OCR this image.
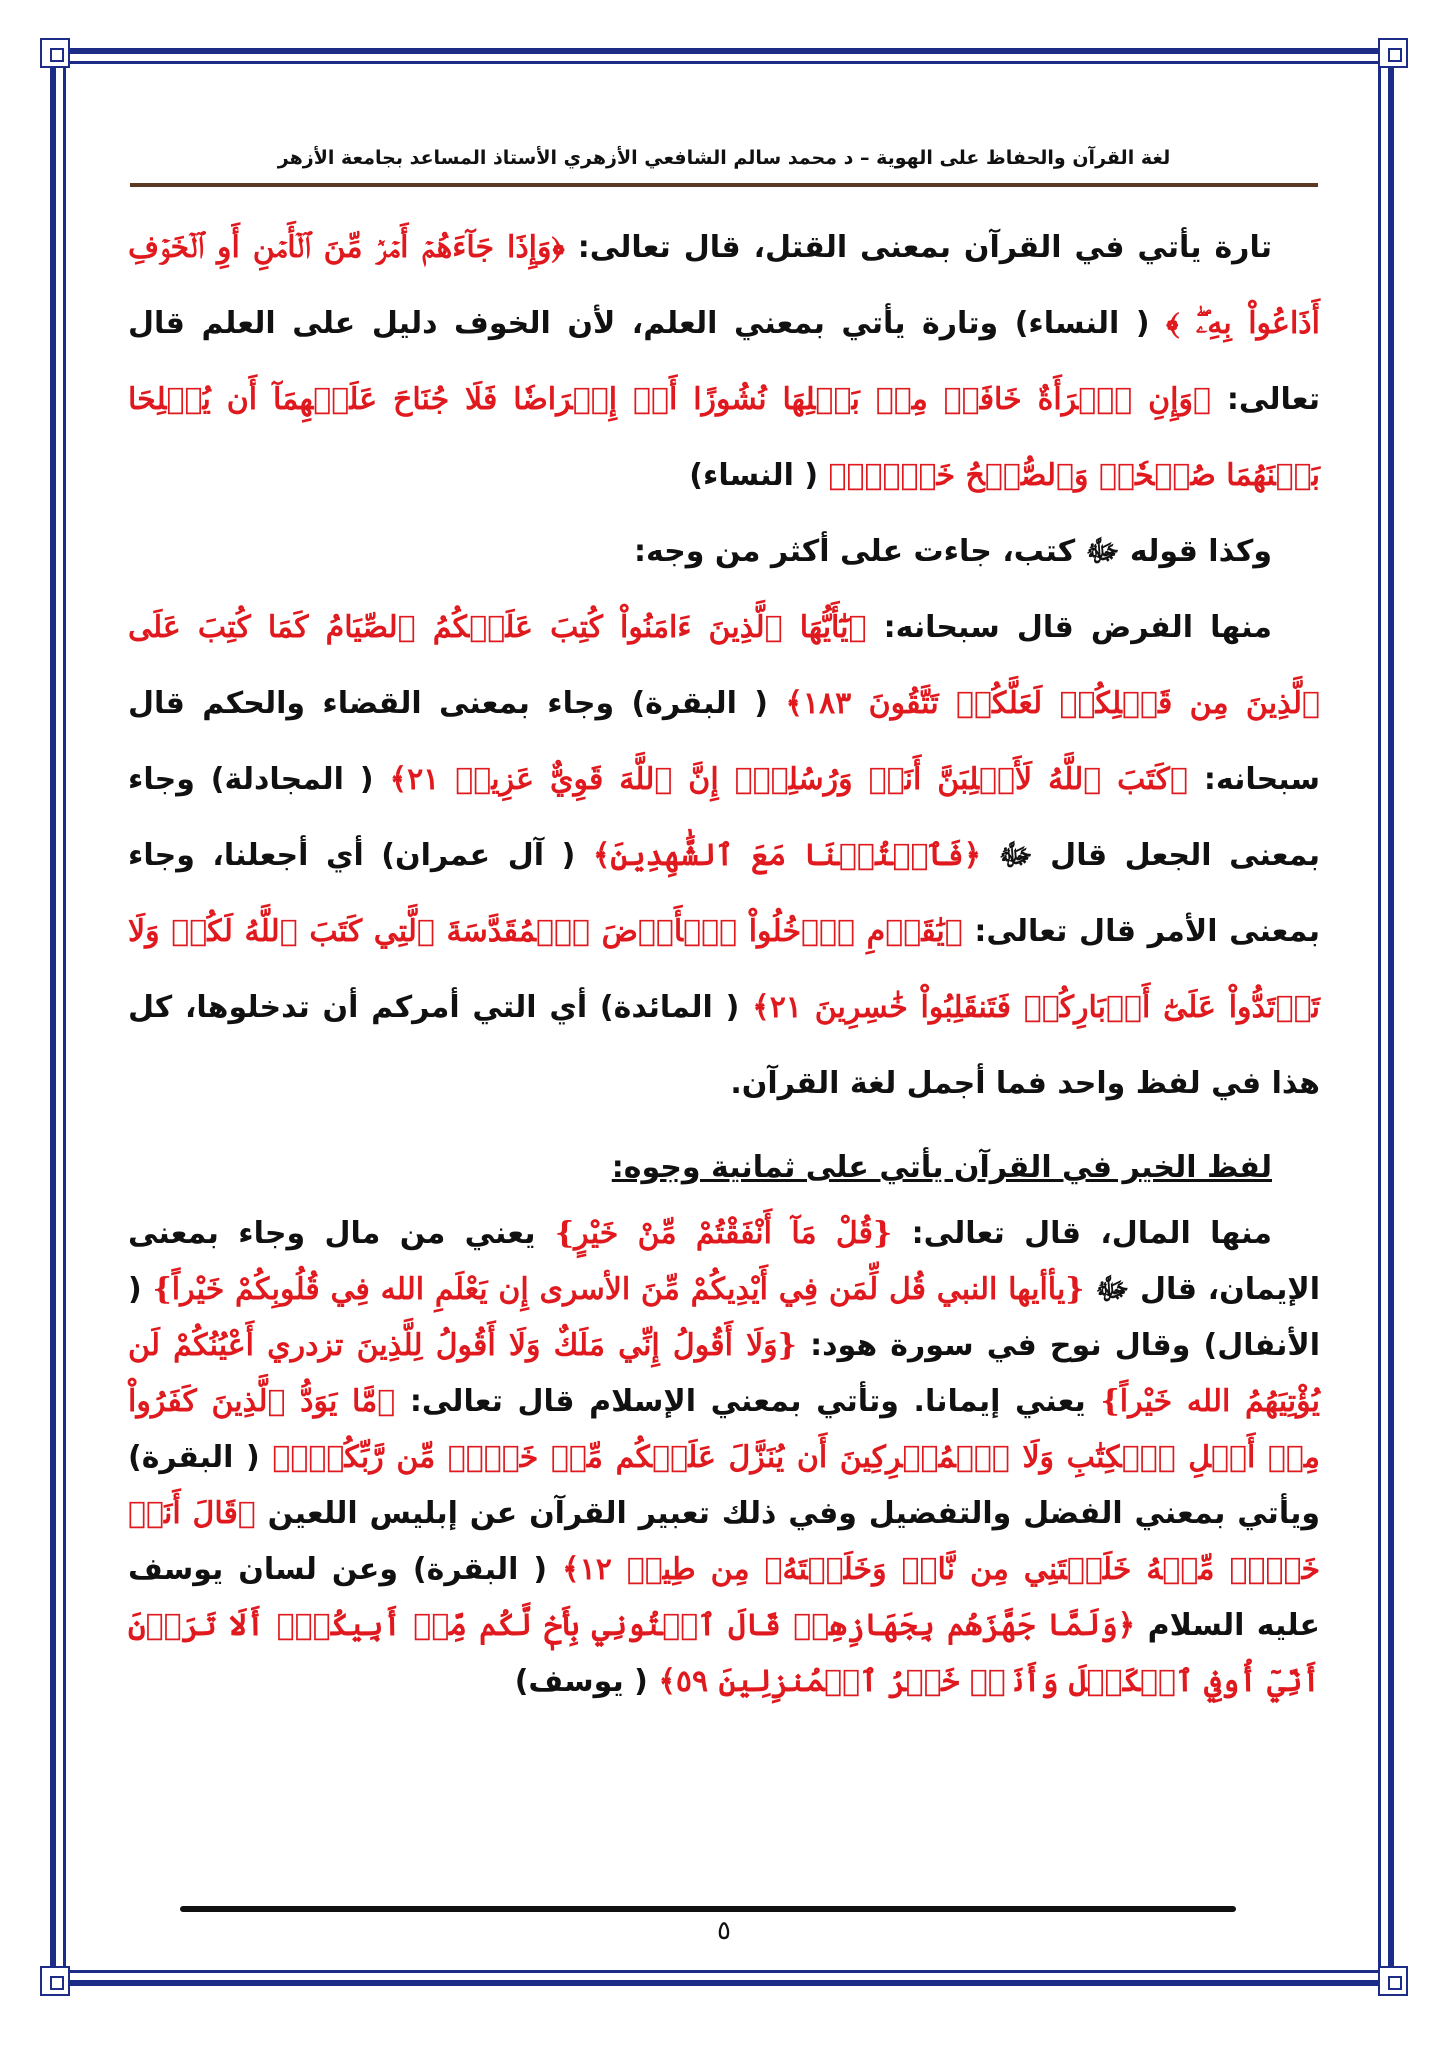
لغة القرآن والحفاظ على الهوية – د محمد سالم الشافعي الأزهري الأستاذ المساعد بجامعة الأزهر

تارة يأتي في القرآن بمعنى القتل، قال تعالى: ﴿وَإِذَا جَآءَهُمۡ أَمۡرٞ مِّنَ ٱلۡأَمۡنِ أَوِ ٱلۡخَوۡفِ أَذَاعُواْ بِهِۦۖ ﴾ ( النساء) وتارة يأتي بمعني العلم، لأن الخوف دليل على العلم قال تعالى: ﴿وَإِنِ ٱمۡرَأَةٌ خَافَتۡ مِنۢ بَعۡلِهَا نُشُوزًا أَوۡ إِعۡرَاضٗا فَلَا جُنَاحَ عَلَيۡهِمَآ أَن يُصۡلِحَا بَيۡنَهُمَا صُلۡحٗاۚ وَٱلصُّلۡحُ خَيۡرٞۗ﴾ ( النساء)

وكذا قوله ﷻ كتب، جاءت على أكثر من وجه:

منها الفرض قال سبحانه: ﴿يَٰٓأَيُّهَا ٱلَّذِينَ ءَامَنُواْ كُتِبَ عَلَيۡكُمُ ٱلصِّيَامُ كَمَا كُتِبَ عَلَى ٱلَّذِينَ مِن قَبۡلِكُمۡ لَعَلَّكُمۡ تَتَّقُونَ ١٨٣﴾ ( البقرة) وجاء بمعنى القضاء والحكم قال سبحانه: ﴿كَتَبَ ٱللَّهُ لَأَغۡلِبَنَّ أَنَا۠ وَرُسُلِيٓۚ إِنَّ ٱللَّهَ قَوِيٌّ عَزِيزٞ ٢١﴾ ( المجادلة) وجاء بمعنى الجعل قال ﷻ ﴿فَٱكۡتُبۡنَا مَعَ ٱلشَّٰهِدِينَ﴾ ( آل عمران) أي أجعلنا، وجاء بمعنى الأمر قال تعالى: ﴿يَٰقَوۡمِ ٱدۡخُلُواْ ٱلۡأَرۡضَ ٱلۡمُقَدَّسَةَ ٱلَّتِي كَتَبَ ٱللَّهُ لَكُمۡ وَلَا تَرۡتَدُّواْ عَلَىٰٓ أَدۡبَارِكُمۡ فَتَنقَلِبُواْ خَٰسِرِينَ ٢١﴾ ( المائدة) أي التي أمركم أن تدخلوها، كل هذا في لفظ واحد فما أجمل لغة القرآن.

لفظ الخير في القرآن يأتي على ثمانية وجوه:

منها المال، قال تعالى: {قُلْ مَآ أَنْفَقْتُمْ مِّنْ خَيْرٍ} يعني من مال وجاء بمعنى الإيمان، قال ﷻ {يأأيها النبي قُل لِّمَن فِي أَيْدِيكُمْ مِّنَ الأسرى إِن يَعْلَمِ الله فِي قُلُوبِكُمْ خَيْراً} ( الأنفال) وقال نوح في سورة هود: {وَلَا أَقُولُ إِنِّي مَلَكٌ وَلَا أَقُولُ لِلَّذِينَ تزدري أَعْيُنُكُمْ لَن يُؤْتِيَهُمُ الله خَيْراً} يعني إيمانا. وتأتي بمعني الإسلام قال تعالى: ﴿مَّا يَوَدُّ ٱلَّذِينَ كَفَرُواْ مِنۡ أَهۡلِ ٱلۡكِتَٰبِ وَلَا ٱلۡمُشۡرِكِينَ أَن يُنَزَّلَ عَلَيۡكُم مِّنۡ خَيۡرٖ مِّن رَّبِّكُمۡۚ﴾ ( البقرة) ويأتي بمعني الفضل والتفضيل وفي ذلك تعبير القرآن عن إبليس اللعين ﴿قَالَ أَنَا۠ خَيۡرٞ مِّنۡهُ خَلَقۡتَنِي مِن نَّارٖ وَخَلَقۡتَهُۥ مِن طِينٖ ١٢﴾ ( البقرة) وعن لسان يوسف عليه السلام ﴿وَلَمَّا جَهَّزَهُم بِجَهَازِهِمۡ قَالَ ٱئۡتُونِي بِأَخٖ لَّكُم مِّنۡ أَبِيكُمۡۚ أَلَا تَرَوۡنَ أَنِّيٓ أُوفِي ٱلۡكَيۡلَ وَأَنَا۠ خَيۡرُ ٱلۡمُنزِلِينَ ٥٩﴾ ( يوسف)

٥
